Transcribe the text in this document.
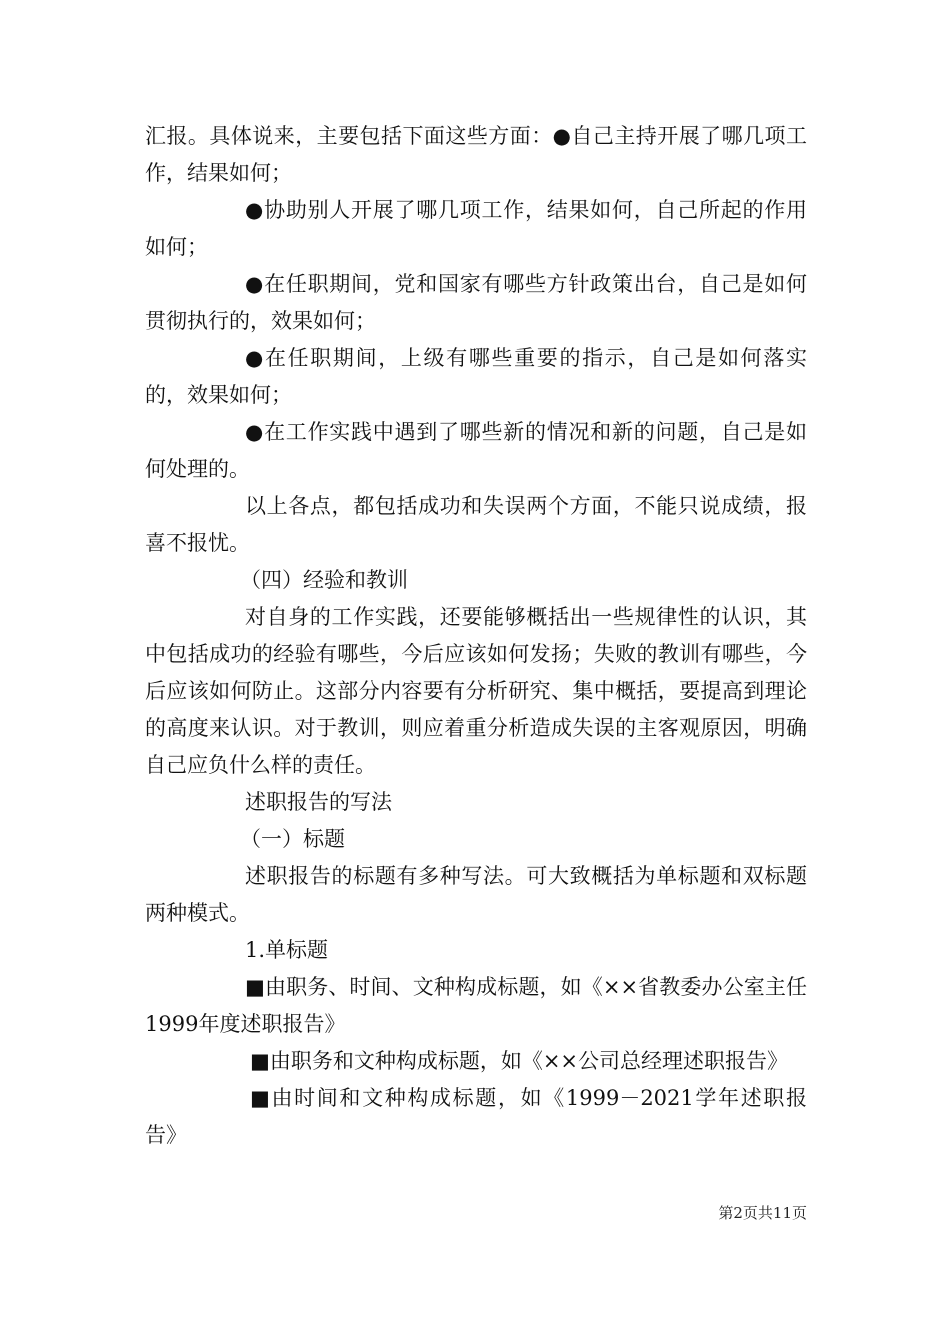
汇报。具体说来，主要包括下面这些方面：●自己主持开展了哪几项工作，结果如何；

●协助别人开展了哪几项工作，结果如何，自己所起的作用如何；

●在任职期间，党和国家有哪些方针政策出台，自己是如何贯彻执行的，效果如何；

●在任职期间，上级有哪些重要的指示，自己是如何落实的，效果如何；

●在工作实践中遇到了哪些新的情况和新的问题，自己是如何处理的。

以上各点，都包括成功和失误两个方面，不能只说成绩，报喜不报忧。

（四）经验和教训

对自身的工作实践，还要能够概括出一些规律性的认识，其中包括成功的经验有哪些，今后应该如何发扬；失败的教训有哪些，今后应该如何防止。这部分内容要有分析研究、集中概括，要提高到理论的高度来认识。对于教训，则应着重分析造成失误的主客观原因，明确自己应负什么样的责任。

述职报告的写法

（一）标题

述职报告的标题有多种写法。可大致概括为单标题和双标题两种模式。

1.单标题

■由职务、时间、文种构成标题，如《××省教委办公室主任1999年度述职报告》

■由职务和文种构成标题，如《××公司总经理述职报告》

■由时间和文种构成标题，如《1999－2021学年述职报告》

第2页共11页
